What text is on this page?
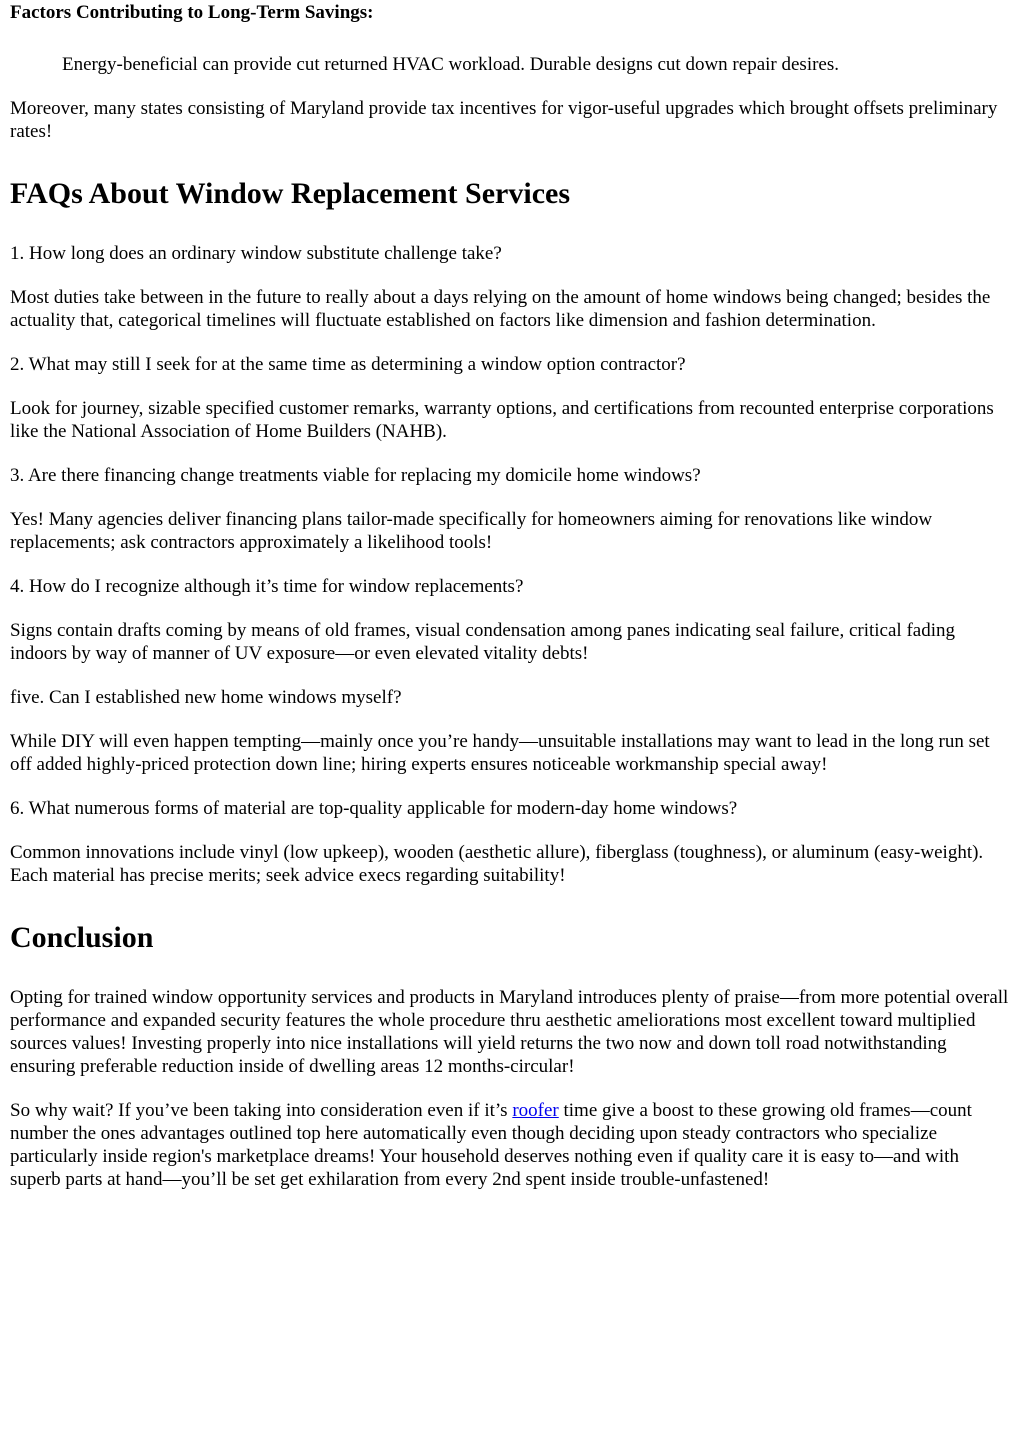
Factors Contributing to Long-Term Savings:

Energy-beneficial can provide cut returned HVAC workload. Durable designs cut down repair desires.

Moreover, many states consisting of Maryland provide tax incentives for vigor-useful upgrades which brought offsets preliminary rates!

FAQs About Window Replacement Services

1. How long does an ordinary window substitute challenge take?

Most duties take between in the future to really about a days relying on the amount of home windows being changed; besides the actuality that, categorical timelines will fluctuate established on factors like dimension and fashion determination.

2. What may still I seek for at the same time as determining a window option contractor?

Look for journey, sizable specified customer remarks, warranty options, and certifications from recounted enterprise corporations like the National Association of Home Builders (NAHB).

3. Are there financing change treatments viable for replacing my domicile home windows?

Yes! Many agencies deliver financing plans tailor-made specifically for homeowners aiming for renovations like window replacements; ask contractors approximately a likelihood tools!

4. How do I recognize although it’s time for window replacements?

Signs contain drafts coming by means of old frames, visual condensation among panes indicating seal failure, critical fading indoors by way of manner of UV exposure—or even elevated vitality debts!

five. Can I established new home windows myself?

While DIY will even happen tempting—mainly once you’re handy—unsuitable installations may want to lead in the long run set off added highly-priced protection down line; hiring experts ensures noticeable workmanship special away!

6. What numerous forms of material are top-quality applicable for modern-day home windows?

Common innovations include vinyl (low upkeep), wooden (aesthetic allure), fiberglass (toughness), or aluminum (easy-weight). Each material has precise merits; seek advice execs regarding suitability!

Conclusion

Opting for trained window opportunity services and products in Maryland introduces plenty of praise—from more potential overall performance and expanded security features the whole procedure thru aesthetic ameliorations most excellent toward multiplied sources values! Investing properly into nice installations will yield returns the two now and down toll road notwithstanding ensuring preferable reduction inside of dwelling areas 12 months-circular!

So why wait? If you’ve been taking into consideration even if it’s roofer time give a boost to these growing old frames—count number the ones advantages outlined top here automatically even though deciding upon steady contractors who specialize particularly inside region's marketplace dreams! Your household deserves nothing even if quality care it is easy to—and with superb parts at hand—you’ll be set get exhilaration from every 2nd spent inside trouble-unfastened!
